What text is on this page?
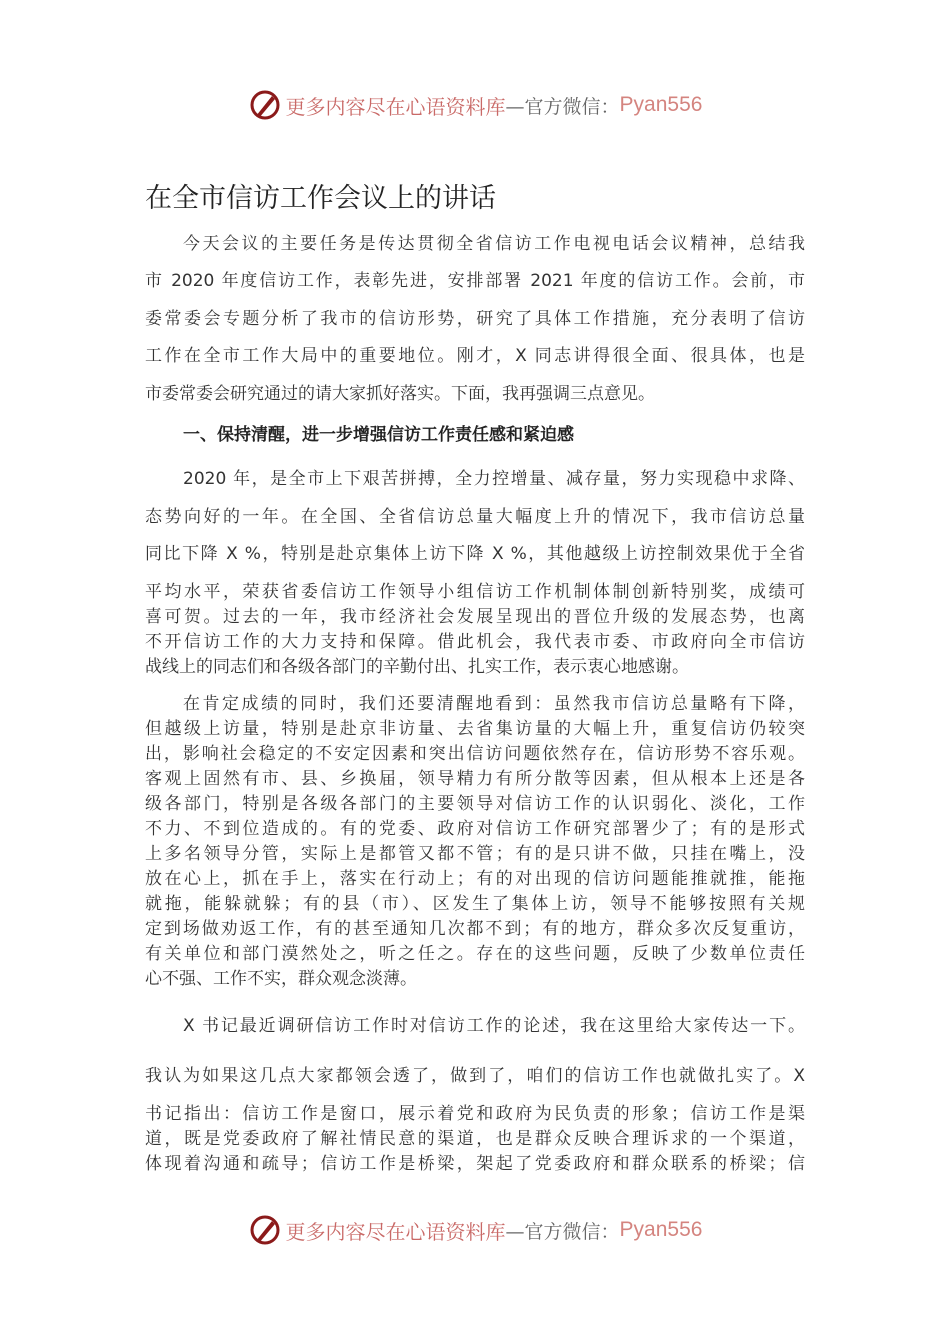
更多内容尽在心语资料库 —官方微信： Pyan556
在全市信访工作会议上的讲话
今天会议的主要任务是传达贯彻全省信访工作电视电话会议精神，总结我
市 2020 年度信访工作，表彰先进，安排部署 2021 年度的信访工作。会前，市
委常委会专题分析了我市的信访形势，研究了具体工作措施，充分表明了信访
工作在全市工作大局中的重要地位。刚才，X 同志讲得很全面、很具体，也是
市委常委会研究通过的请大家抓好落实。下面，我再强调三点意见。
一、保持清醒，进一步增强信访工作责任感和紧迫感
2020 年，是全市上下艰苦拼搏，全力控增量、减存量，努力实现稳中求降、
态势向好的一年。在全国、全省信访总量大幅度上升的情况下，我市信访总量
同比下降 X %，特别是赴京集体上访下降 X %，其他越级上访控制效果优于全省
平均水平，荣获省委信访工作领导小组信访工作机制体制创新特别奖，成绩可
喜可贺。过去的一年，我市经济社会发展呈现出的晋位升级的发展态势，也离
不开信访工作的大力支持和保障。借此机会，我代表市委、市政府向全市信访
战线上的同志们和各级各部门的辛勤付出、扎实工作，表示衷心地感谢。
在肯定成绩的同时，我们还要清醒地看到：虽然我市信访总量略有下降，
但越级上访量，特别是赴京非访量、去省集访量的大幅上升，重复信访仍较突
出，影响社会稳定的不安定因素和突出信访问题依然存在，信访形势不容乐观。
客观上固然有市、县、乡换届，领导精力有所分散等因素，但从根本上还是各
级各部门，特别是各级各部门的主要领导对信访工作的认识弱化、淡化，工作
不力、不到位造成的。有的党委、政府对信访工作研究部署少了；有的是形式
上多名领导分管，实际上是都管又都不管；有的是只讲不做，只挂在嘴上，没
放在心上，抓在手上，落实在行动上；有的对出现的信访问题能推就推，能拖
就拖，能躲就躲；有的县（市）、区发生了集体上访，领导不能够按照有关规
定到场做劝返工作，有的甚至通知几次都不到；有的地方，群众多次反复重访，
有关单位和部门漠然处之，听之任之。存在的这些问题，反映了少数单位责任
心不强、工作不实，群众观念淡薄。
X 书记最近调研信访工作时对信访工作的论述，我在这里给大家传达一下。
我认为如果这几点大家都领会透了，做到了，咱们的信访工作也就做扎实了。X
书记指出：信访工作是窗口，展示着党和政府为民负责的形象；信访工作是渠
道，既是党委政府了解社情民意的渠道，也是群众反映合理诉求的一个渠道，
体现着沟通和疏导；信访工作是桥梁，架起了党委政府和群众联系的桥梁；信
更多内容尽在心语资料库 —官方微信： Pyan556
